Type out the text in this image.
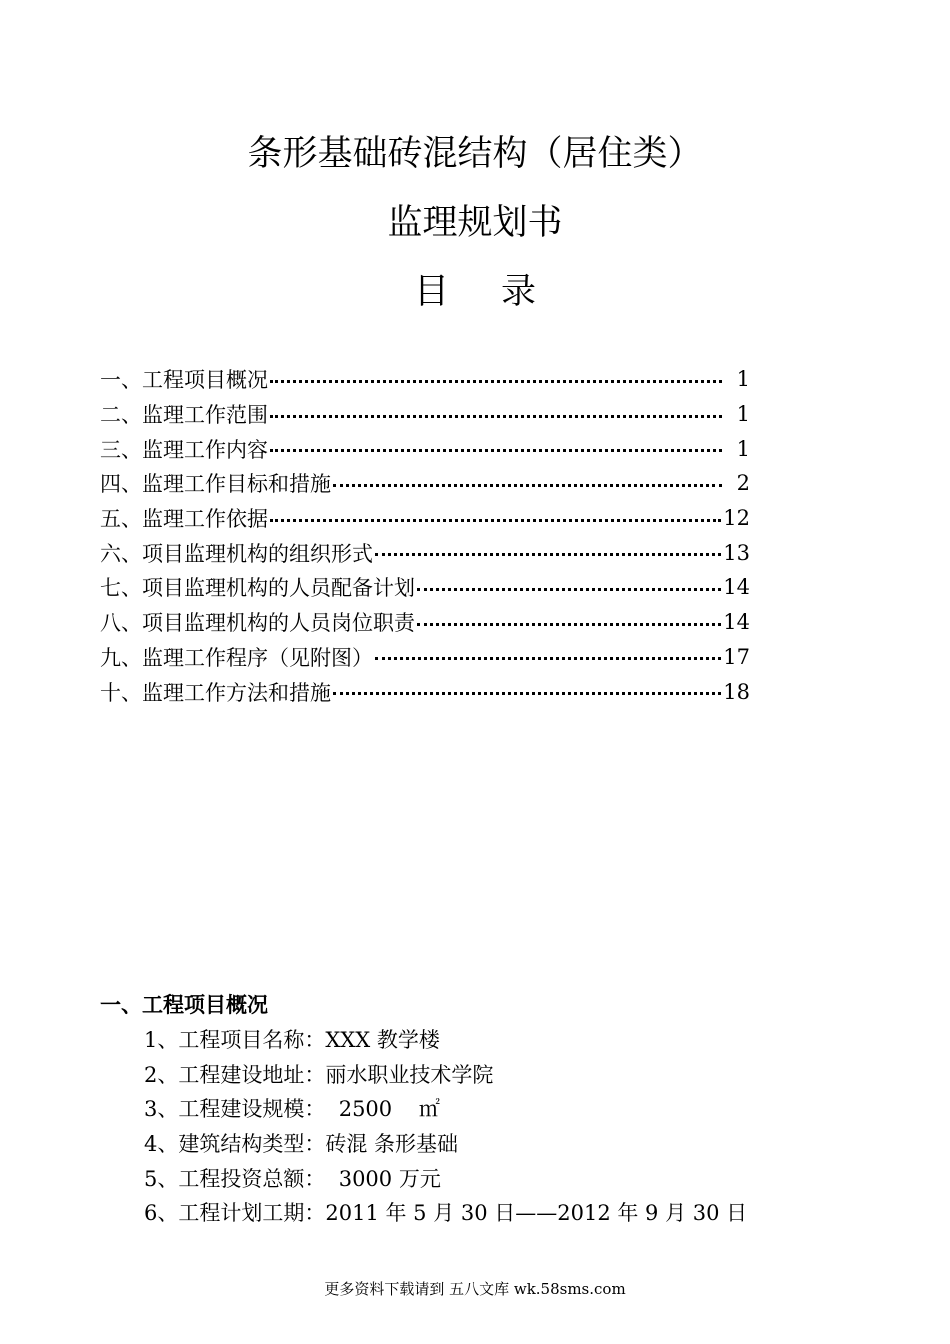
条形基础砖混结构（居住类）
监理规划书
目录
一、工程项目概况	1
二、监理工作范围	1
三、监理工作内容	1
四、监理工作目标和措施	2
五、监理工作依据	12
六、项目监理机构的组织形式	13
七、项目监理机构的人员配备计划	14
八、项目监理机构的人员岗位职责	14
九、监理工作程序（见附图）	17
十、监理工作方法和措施	18
一、工程项目概况
1、工程项目名称：XXX 教学楼
2、工程建设地址：丽水职业技术学院
3、工程建设规模：  2500    ㎡
4、建筑结构类型：砖混 条形基础
5、工程投资总额：  3000 万元
6、工程计划工期：2011 年 5 月 30 日——2012 年 9 月 30 日
更多资料下载请到 五八文库 wk.58sms.com
